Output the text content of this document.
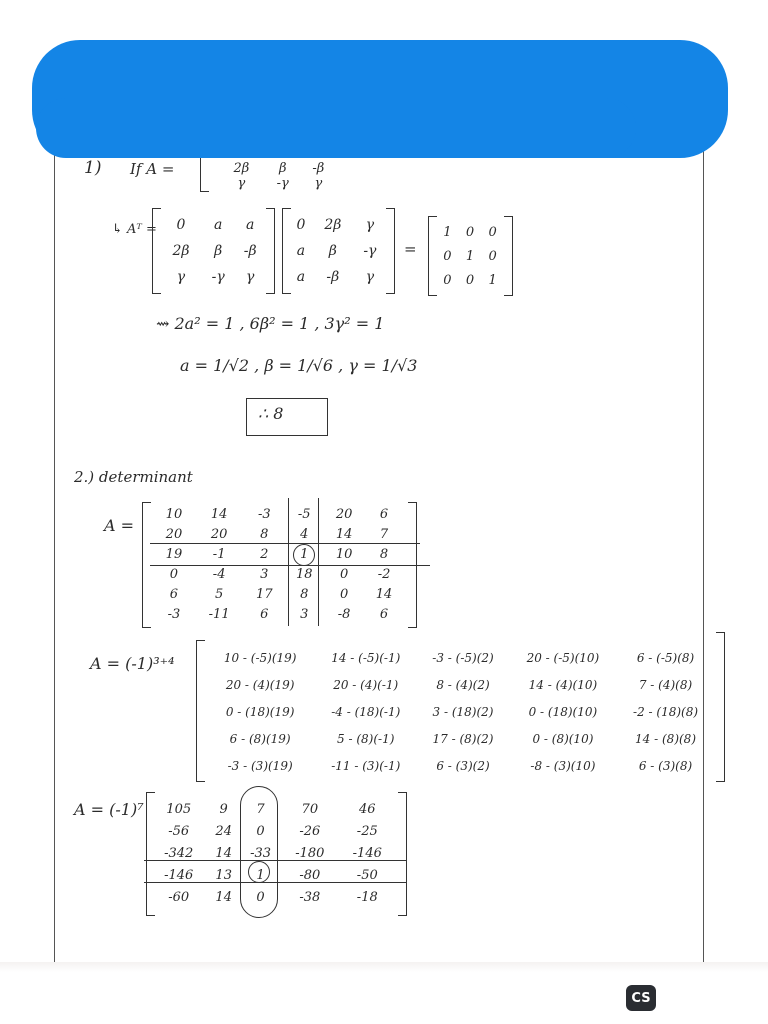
1) If A =
			2β	β	-β
γ	-γ	γ
↳ Aᵀ = 0	a	a
2β	β	-β
γ	-γ	γ
0	2β	γ
a	β	-γ
a	-β	γ
=
1	0	0
0	1	0
0	0	1
⇝ 2a² = 1 , 6β² = 1 , 3γ² = 1
a = 1/√2 , β = 1/√6 , γ = 1/√3
∴ 8
2.) determinant
A =
10	14	-3	-5	20	6
20	20	8	4	14	7
19	-1	2	1	10	8
0	-4	3	18	0	-2
6	5	17	8	0	14
-3	-11	6	3	-8	6
A = (-1)³⁺⁴	10 - (-5)(19)	14 - (-5)(-1)	-3 - (-5)(2)	20 - (-5)(10)	6 - (-5)(8)
20 - (4)(19)	20 - (4)(-1)	8 - (4)(2)	14 - (4)(10)	7 - (4)(8)
0 - (18)(19)	-4 - (18)(-1)	3 - (18)(2)	0 - (18)(10)	-2 - (18)(8)
6 - (8)(19)	5 - (8)(-1)	17 - (8)(2)	0 - (8)(10)	14 - (8)(8)
-3 - (3)(19)	-11 - (3)(-1)	6 - (3)(2)	-8 - (3)(10)	6 - (3)(8)
A = (-1)⁷ 105	9	7	70	46
-56	24	0	-26	-25
-342	14	-33	-180	-146
-146	13	1	-80	-50
-60	14	0	-38	-18
CS
